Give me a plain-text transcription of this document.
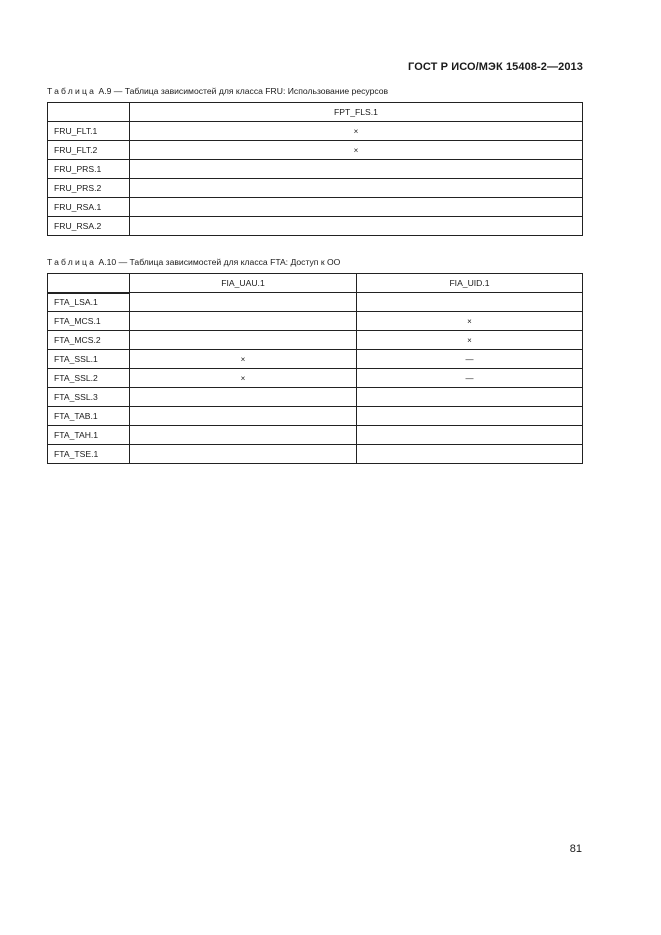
ГОСТ Р ИСО/МЭК 15408-2—2013
Таблица A.9 — Таблица зависимостей для класса FRU: Использование ресурсов
	FPT_FLS.1
FRU_FLT.1	×
FRU_FLT.2	×
FRU_PRS.1	
FRU_PRS.2	
FRU_RSA.1	
FRU_RSA.2	
Таблица A.10 — Таблица зависимостей для класса FTA: Доступ к ОО
	FIA_UAU.1	FIA_UID.1
FTA_LSA.1		
FTA_MCS.1		×
FTA_MCS.2		×
FTA_SSL.1	×	—
FTA_SSL.2	×	—
FTA_SSL.3		
FTA_TAB.1		
FTA_TAH.1		
FTA_TSE.1		
81
